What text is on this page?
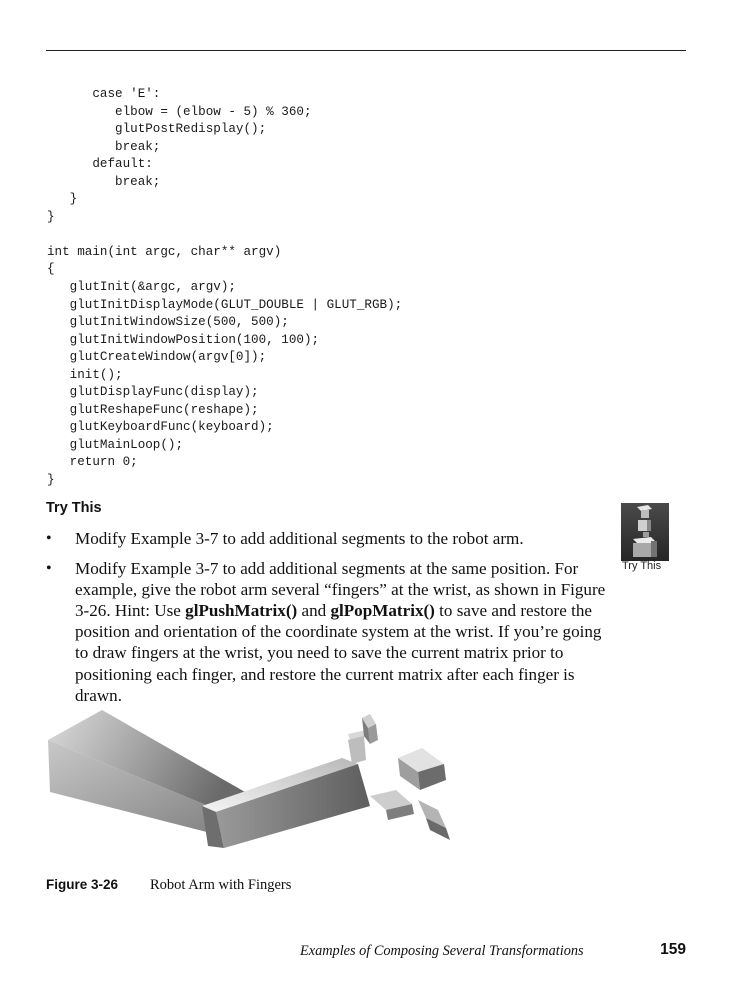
case 'E':
elbow = (elbow - 5) % 360;
glutPostRedisplay();
break;
default:
break;
}
}
int main(int argc, char** argv)
{
glutInit(&argc, argv);
glutInitDisplayMode(GLUT_DOUBLE | GLUT_RGB);
glutInitWindowSize(500, 500);
glutInitWindowPosition(100, 100);
glutCreateWindow(argv[0]);
init();
glutDisplayFunc(display);
glutReshapeFunc(reshape);
glutKeyboardFunc(keyboard);
glutMainLoop();
return 0;
}
Try This
• Modify Example 3-7 to add additional segments to the robot arm.
• Modify Example 3-7 to add additional segments at the same position. For example, give the robot arm several “fingers” at the wrist, as shown in Figure 3-26. Hint: Use glPushMatrix() and glPopMatrix() to save and restore the position and orientation of the coordinate system at the wrist. If you’re going to draw fingers at the wrist, you need to save the current matrix prior to positioning each finger, and restore the current matrix after each finger is drawn.
Try This
Figure 3-26 Robot Arm with Fingers
Examples of Composing Several Transformations	159
